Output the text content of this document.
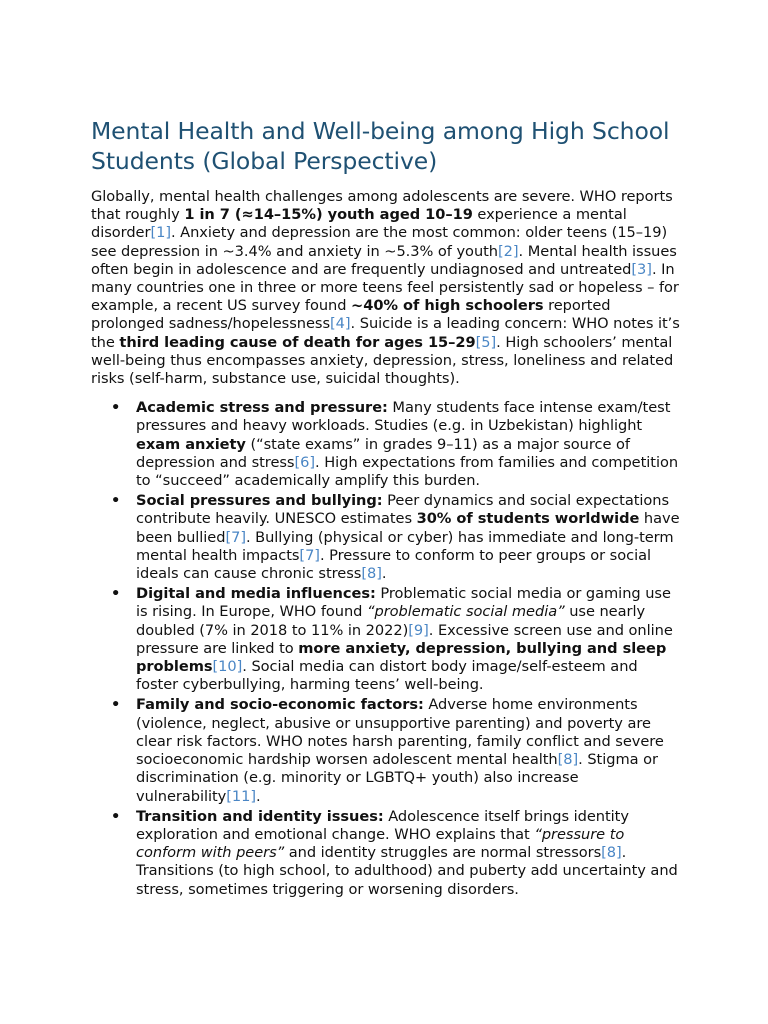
Mental Health and Well-being among High School Students (Global Perspective)

Globally, mental health challenges among adolescents are severe. WHO reports that roughly 1 in 7 (≈14–15%) youth aged 10–19 experience a mental disorder[1]. Anxiety and depression are the most common: older teens (15–19) see depression in ~3.4% and anxiety in ~5.3% of youth[2]. Mental health issues often begin in adolescence and are frequently undiagnosed and untreated[3]. In many countries one in three or more teens feel persistently sad or hopeless – for example, a recent US survey found ~40% of high schoolers reported prolonged sadness/hopelessness[4]. Suicide is a leading concern: WHO notes it’s the third leading cause of death for ages 15–29[5]. High schoolers’ mental well-being thus encompasses anxiety, depression, stress, loneliness and related risks (self-harm, substance use, suicidal thoughts).

• Academic stress and pressure: Many students face intense exam/test pressures and heavy workloads. Studies (e.g. in Uzbekistan) highlight exam anxiety (“state exams” in grades 9–11) as a major source of depression and stress[6]. High expectations from families and competition to “succeed” academically amplify this burden.
• Social pressures and bullying: Peer dynamics and social expectations contribute heavily. UNESCO estimates 30% of students worldwide have been bullied[7]. Bullying (physical or cyber) has immediate and long-term mental health impacts[7]. Pressure to conform to peer groups or social ideals can cause chronic stress[8].
• Digital and media influences: Problematic social media or gaming use is rising. In Europe, WHO found “problematic social media” use nearly doubled (7% in 2018 to 11% in 2022)[9]. Excessive screen use and online pressure are linked to more anxiety, depression, bullying and sleep problems[10]. Social media can distort body image/self-esteem and foster cyberbullying, harming teens’ well-being.
• Family and socio-economic factors: Adverse home environments (violence, neglect, abusive or unsupportive parenting) and poverty are clear risk factors. WHO notes harsh parenting, family conflict and severe socioeconomic hardship worsen adolescent mental health[8]. Stigma or discrimination (e.g. minority or LGBTQ+ youth) also increase vulnerability[11].
• Transition and identity issues: Adolescence itself brings identity exploration and emotional change. WHO explains that “pressure to conform with peers” and identity struggles are normal stressors[8]. Transitions (to high school, to adulthood) and puberty add uncertainty and stress, sometimes triggering or worsening disorders.
